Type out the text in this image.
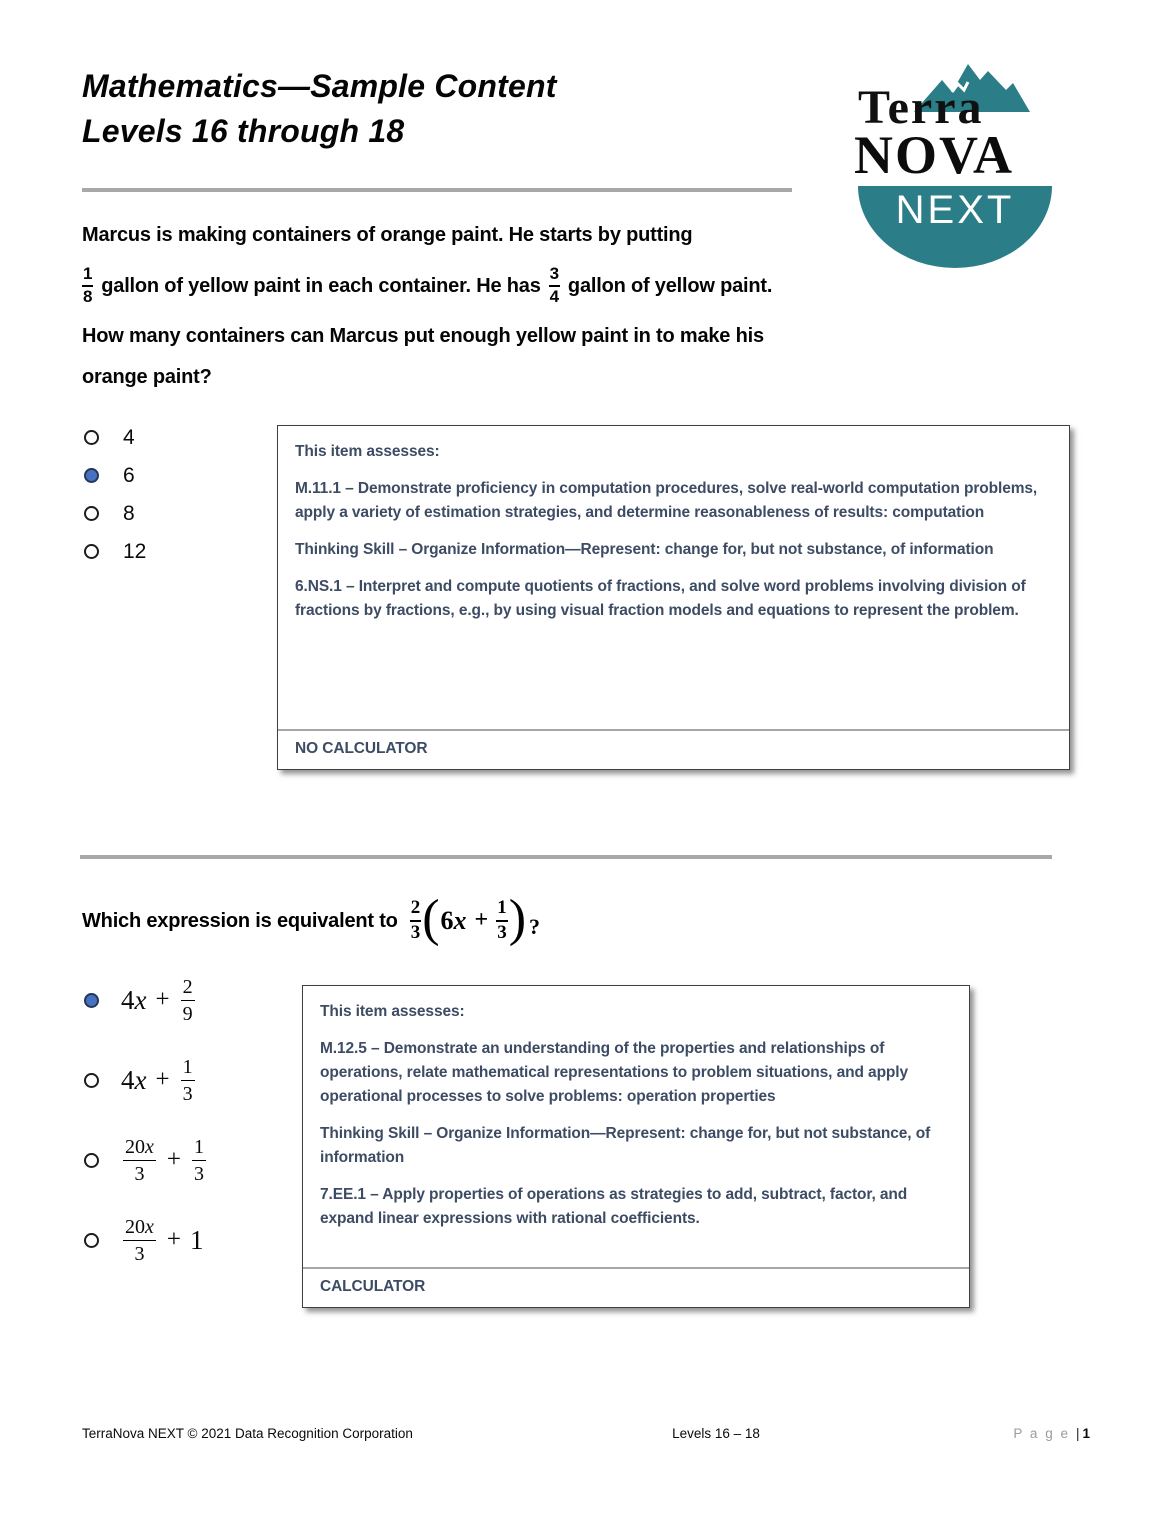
Mathematics—Sample Content
Levels 16 through 18	Terra
NOVA
NEXT
Marcus is making containers of orange paint. He starts by putting
1
8 gallon of yellow paint in each container. He has
3
4 gallon of yellow paint.
How many containers can Marcus put enough yellow paint in to make his
orange paint?
4
6
8
12

This item assesses:

M.11.1 – Demonstrate proficiency in computation procedures, solve real-world computation problems, apply a variety of estimation strategies, and determine reasonableness of results: computation

Thinking Skill – Organize Information—Represent: change for, but not substance, of information

6.NS.1 – Interpret and compute quotients of fractions, and solve word problems involving division of fractions by fractions, e.g., by using visual fraction models and equations to represent the problem.

NO CALCULATOR
Which expression is equivalent to
2
3 ( $6x + \frac{1}{3}$ ) ?
4 $x + \frac{2}{9}$
4 $x + \frac{1}{3}$
$\frac{20x}{3} + \frac{1}{3}$
$\frac{20x}{3} + 1$

This item assesses:

M.12.5 – Demonstrate an understanding of the properties and relationships of operations, relate mathematical representations to problem situations, and apply operational processes to solve problems: operation properties

Thinking Skill – Organize Information—Represent: change for, but not substance, of information

7.EE.1 – Apply properties of operations as strategies to add, subtract, factor, and expand linear expressions with rational coefficients.

CALCULATOR
TerraNova NEXT © 2021 Data Recognition Corporation	Levels 16 – 18	P a g e | 1
